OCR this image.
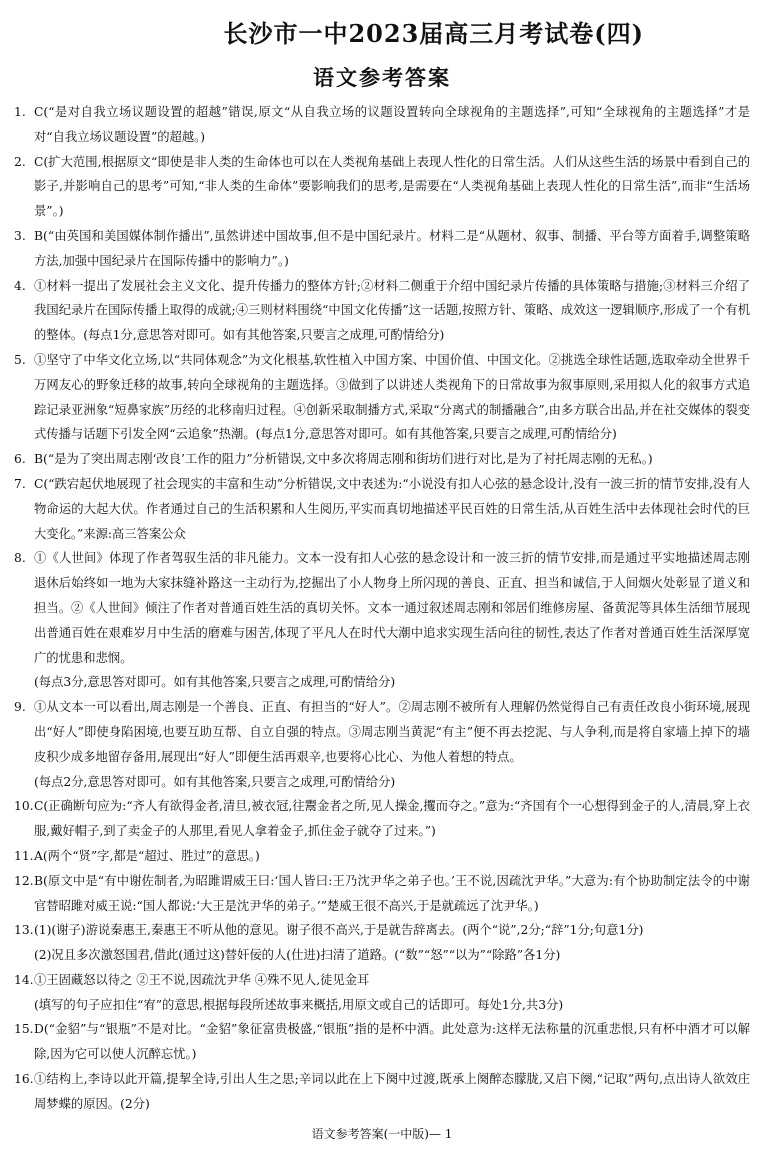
长沙市一中2023届高三月考试卷(四)
语文参考答案
1. C(“是对自我立场议题设置的超越”错误,原文“从自我立场的议题设置转向全球视角的主题选择”,可知“全球视角的主题选择”才是对“自我立场议题设置”的超越。)

2. C(扩大范围,根据原文“即使是非人类的生命体也可以在人类视角基础上表现人性化的日常生活。人们从这些生活的场景中看到自己的影子,并影响自己的思考”可知,“非人类的生命体”要影响我们的思考,是需要在“人类视角基础上表现人性化的日常生活”,而非“生活场景”。)

3. B(“由英国和美国媒体制作播出”,虽然讲述中国故事,但不是中国纪录片。材料二是“从题材、叙事、制播、平台等方面着手,调整策略方法,加强中国纪录片在国际传播中的影响力”。)

4. ①材料一提出了发展社会主义文化、提升传播力的整体方针;②材料二侧重于介绍中国纪录片传播的具体策略与措施;③材料三介绍了我国纪录片在国际传播上取得的成就;④三则材料围绕“中国文化传播”这一话题,按照方针、策略、成效这一逻辑顺序,形成了一个有机的整体。(每点1分,意思答对即可。如有其他答案,只要言之成理,可酌情给分)

5. ①坚守了中华文化立场,以“共同体观念”为文化根基,软性植入中国方案、中国价值、中国文化。②挑选全球性话题,选取牵动全世界千万网友心的野象迁移的故事,转向全球视角的主题选择。③做到了以讲述人类视角下的日常故事为叙事原则,采用拟人化的叙事方式追踪记录亚洲象“短鼻家族”历经的北移南归过程。④创新采取制播方式,采取“分离式的制播融合”,由多方联合出品,并在社交媒体的裂变式传播与话题下引发全网“云追象”热潮。(每点1分,意思答对即可。如有其他答案,只要言之成理,可酌情给分)

6. B(“是为了突出周志刚‘改良’工作的阻力”分析错误,文中多次将周志刚和街坊们进行对比,是为了衬托周志刚的无私。)

7. C(“跌宕起伏地展现了社会现实的丰富和生动”分析错误,文中表述为:“小说没有扣人心弦的悬念设计,没有一波三折的情节安排,没有人物命运的大起大伏。作者通过自己的生活积累和人生阅历,平实而真切地描述平民百姓的日常生活,从百姓生活中去体现社会时代的巨大变化。”来源:高三答案公众

8. ①《人世间》体现了作者驾驭生活的非凡能力。文本一没有扣人心弦的悬念设计和一波三折的情节安排,而是通过平实地描述周志刚退休后始终如一地为大家抹缝补路这一主动行为,挖掘出了小人物身上所闪现的善良、正直、担当和诚信,于人间烟火处彰显了道义和担当。②《人世间》倾注了作者对普通百姓生活的真切关怀。文本一通过叙述周志刚和邻居们维修房屋、备黄泥等具体生活细节展现出普通百姓在艰难岁月中生活的磨难与困苦,体现了平凡人在时代大潮中追求实现生活向往的韧性,表达了作者对普通百姓生活深厚宽广的忧患和悲悯。

(每点3分,意思答对即可。如有其他答案,只要言之成理,可酌情给分)

9. ①从文本一可以看出,周志刚是一个善良、正直、有担当的“好人”。②周志刚不被所有人理解仍然觉得自己有责任改良小街环境,展现出“好人”即使身陷困境,也要互助互帮、自立自强的特点。③周志刚当黄泥“有主”便不再去挖泥、与人争利,而是将自家墙上掉下的墙皮积少成多地留存备用,展现出“好人”即便生活再艰辛,也要将心比心、为他人着想的特点。

(每点2分,意思答对即可。如有其他答案,只要言之成理,可酌情给分)

10. C(正确断句应为:“齐人有欲得金者,清旦,被衣冠,往鬻金者之所,见人操金,攫而夺之。”意为:“齐国有个一心想得到金子的人,清晨,穿上衣服,戴好帽子,到了卖金子的人那里,看见人拿着金子,抓住金子就夺了过来。”)

11. A(两个“贤”字,都是“超过、胜过”的意思。)

12. B(原文中是“有中谢佐制者,为昭雎谓威王曰:‘国人皆曰:王乃沈尹华之弟子也。’王不说,因疏沈尹华。”大意为:有个协助制定法令的中谢官替昭雎对威王说:“国人都说:‘大王是沈尹华的弟子。’”楚威王很不高兴,于是就疏远了沈尹华。)

13. (1)(谢子)游说秦惠王,秦惠王不听从他的意见。谢子很不高兴,于是就告辞离去。(两个“说”,2分;“辞”1分;句意1分)

(2)况且多次激怒国君,借此(通过这)替奸佞的人(仕进)扫清了道路。(“数”“怒”“以为”“除路”各1分)

14. ①王固藏怒以待之 ②王不说,因疏沈尹华 ④殊不见人,徒见金耳

(填写的句子应扣住“宥”的意思,根据每段所述故事来概括,用原文或自己的话即可。每处1分,共3分)

15. D(“金貂”与“银瓶”不是对比。“金貂”象征富贵极盛,“银瓶”指的是杯中酒。此处意为:这样无法称量的沉重悲恨,只有杯中酒才可以解除,因为它可以使人沉醉忘忧。)

16. ①结构上,李诗以此开篇,提挈全诗,引出人生之思;辛词以此在上下阕中过渡,既承上阕醉态朦胧,又启下阕,“记取”两句,点出诗人欲效庄周梦蝶的原因。(2分)

语文参考答案(一中版)— 1
